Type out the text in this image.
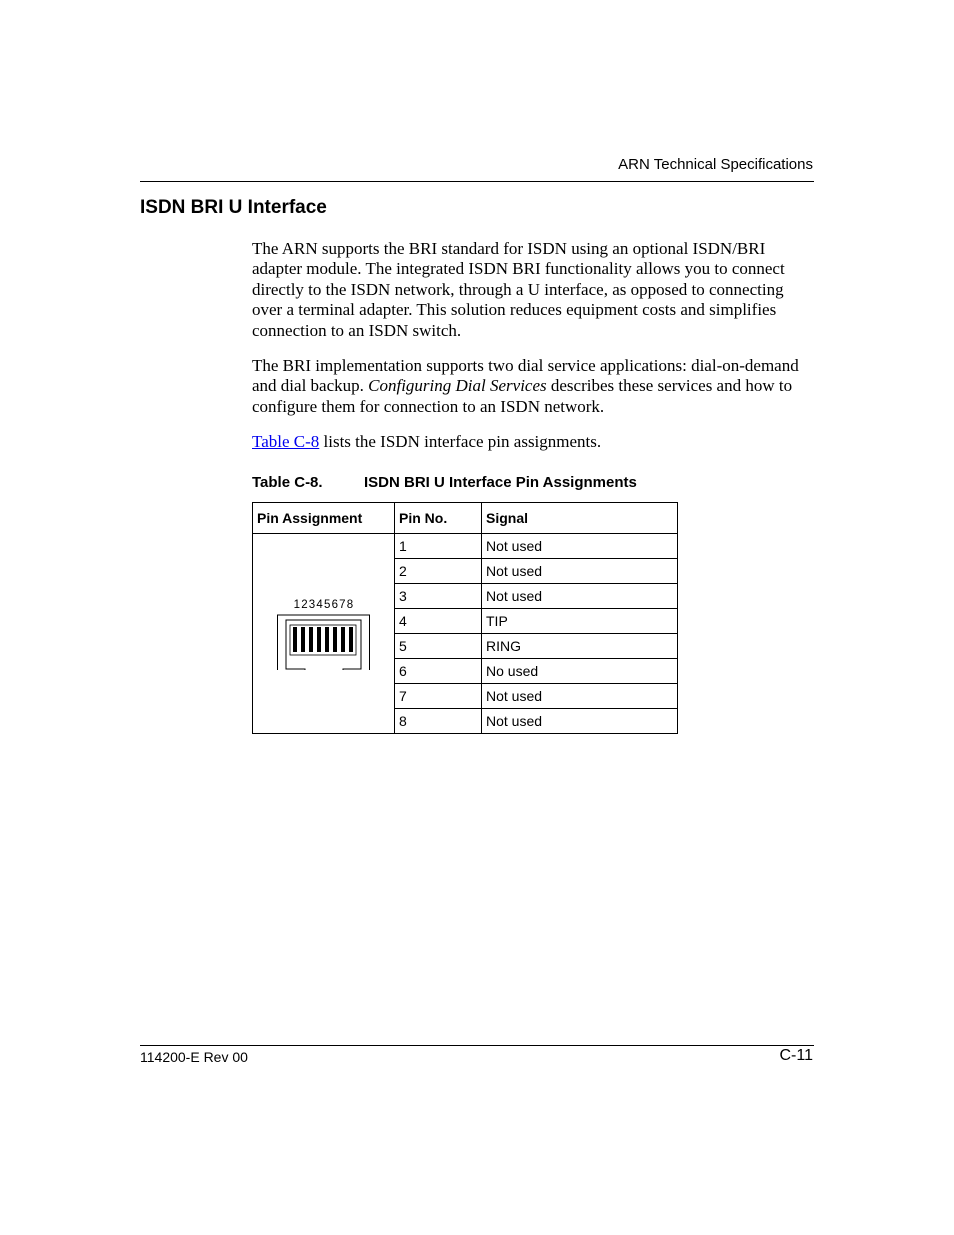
ARN Technical Specifications
ISDN BRI U Interface

The ARN supports the BRI standard for ISDN using an optional ISDN/BRI adapter module. The integrated ISDN BRI functionality allows you to connect directly to the ISDN network, through a U interface, as opposed to connecting over a terminal adapter. This solution reduces equipment costs and simplifies connection to an ISDN switch.

The BRI implementation supports two dial service applications: dial-on-demand and dial backup. Configuring Dial Services describes these services and how to configure them for connection to an ISDN network.

Table C-8 lists the ISDN interface pin assignments.

Table C-8.	ISDN BRI U Interface Pin Assignments
Pin Assignment	Pin No.	Signal

12345678	1	Not used
	2	Not used
	3	Not used
	4	TIP
	5	RING
	6	No used
	7	Not used
	8	Not used
114200-E Rev 00	C-11
